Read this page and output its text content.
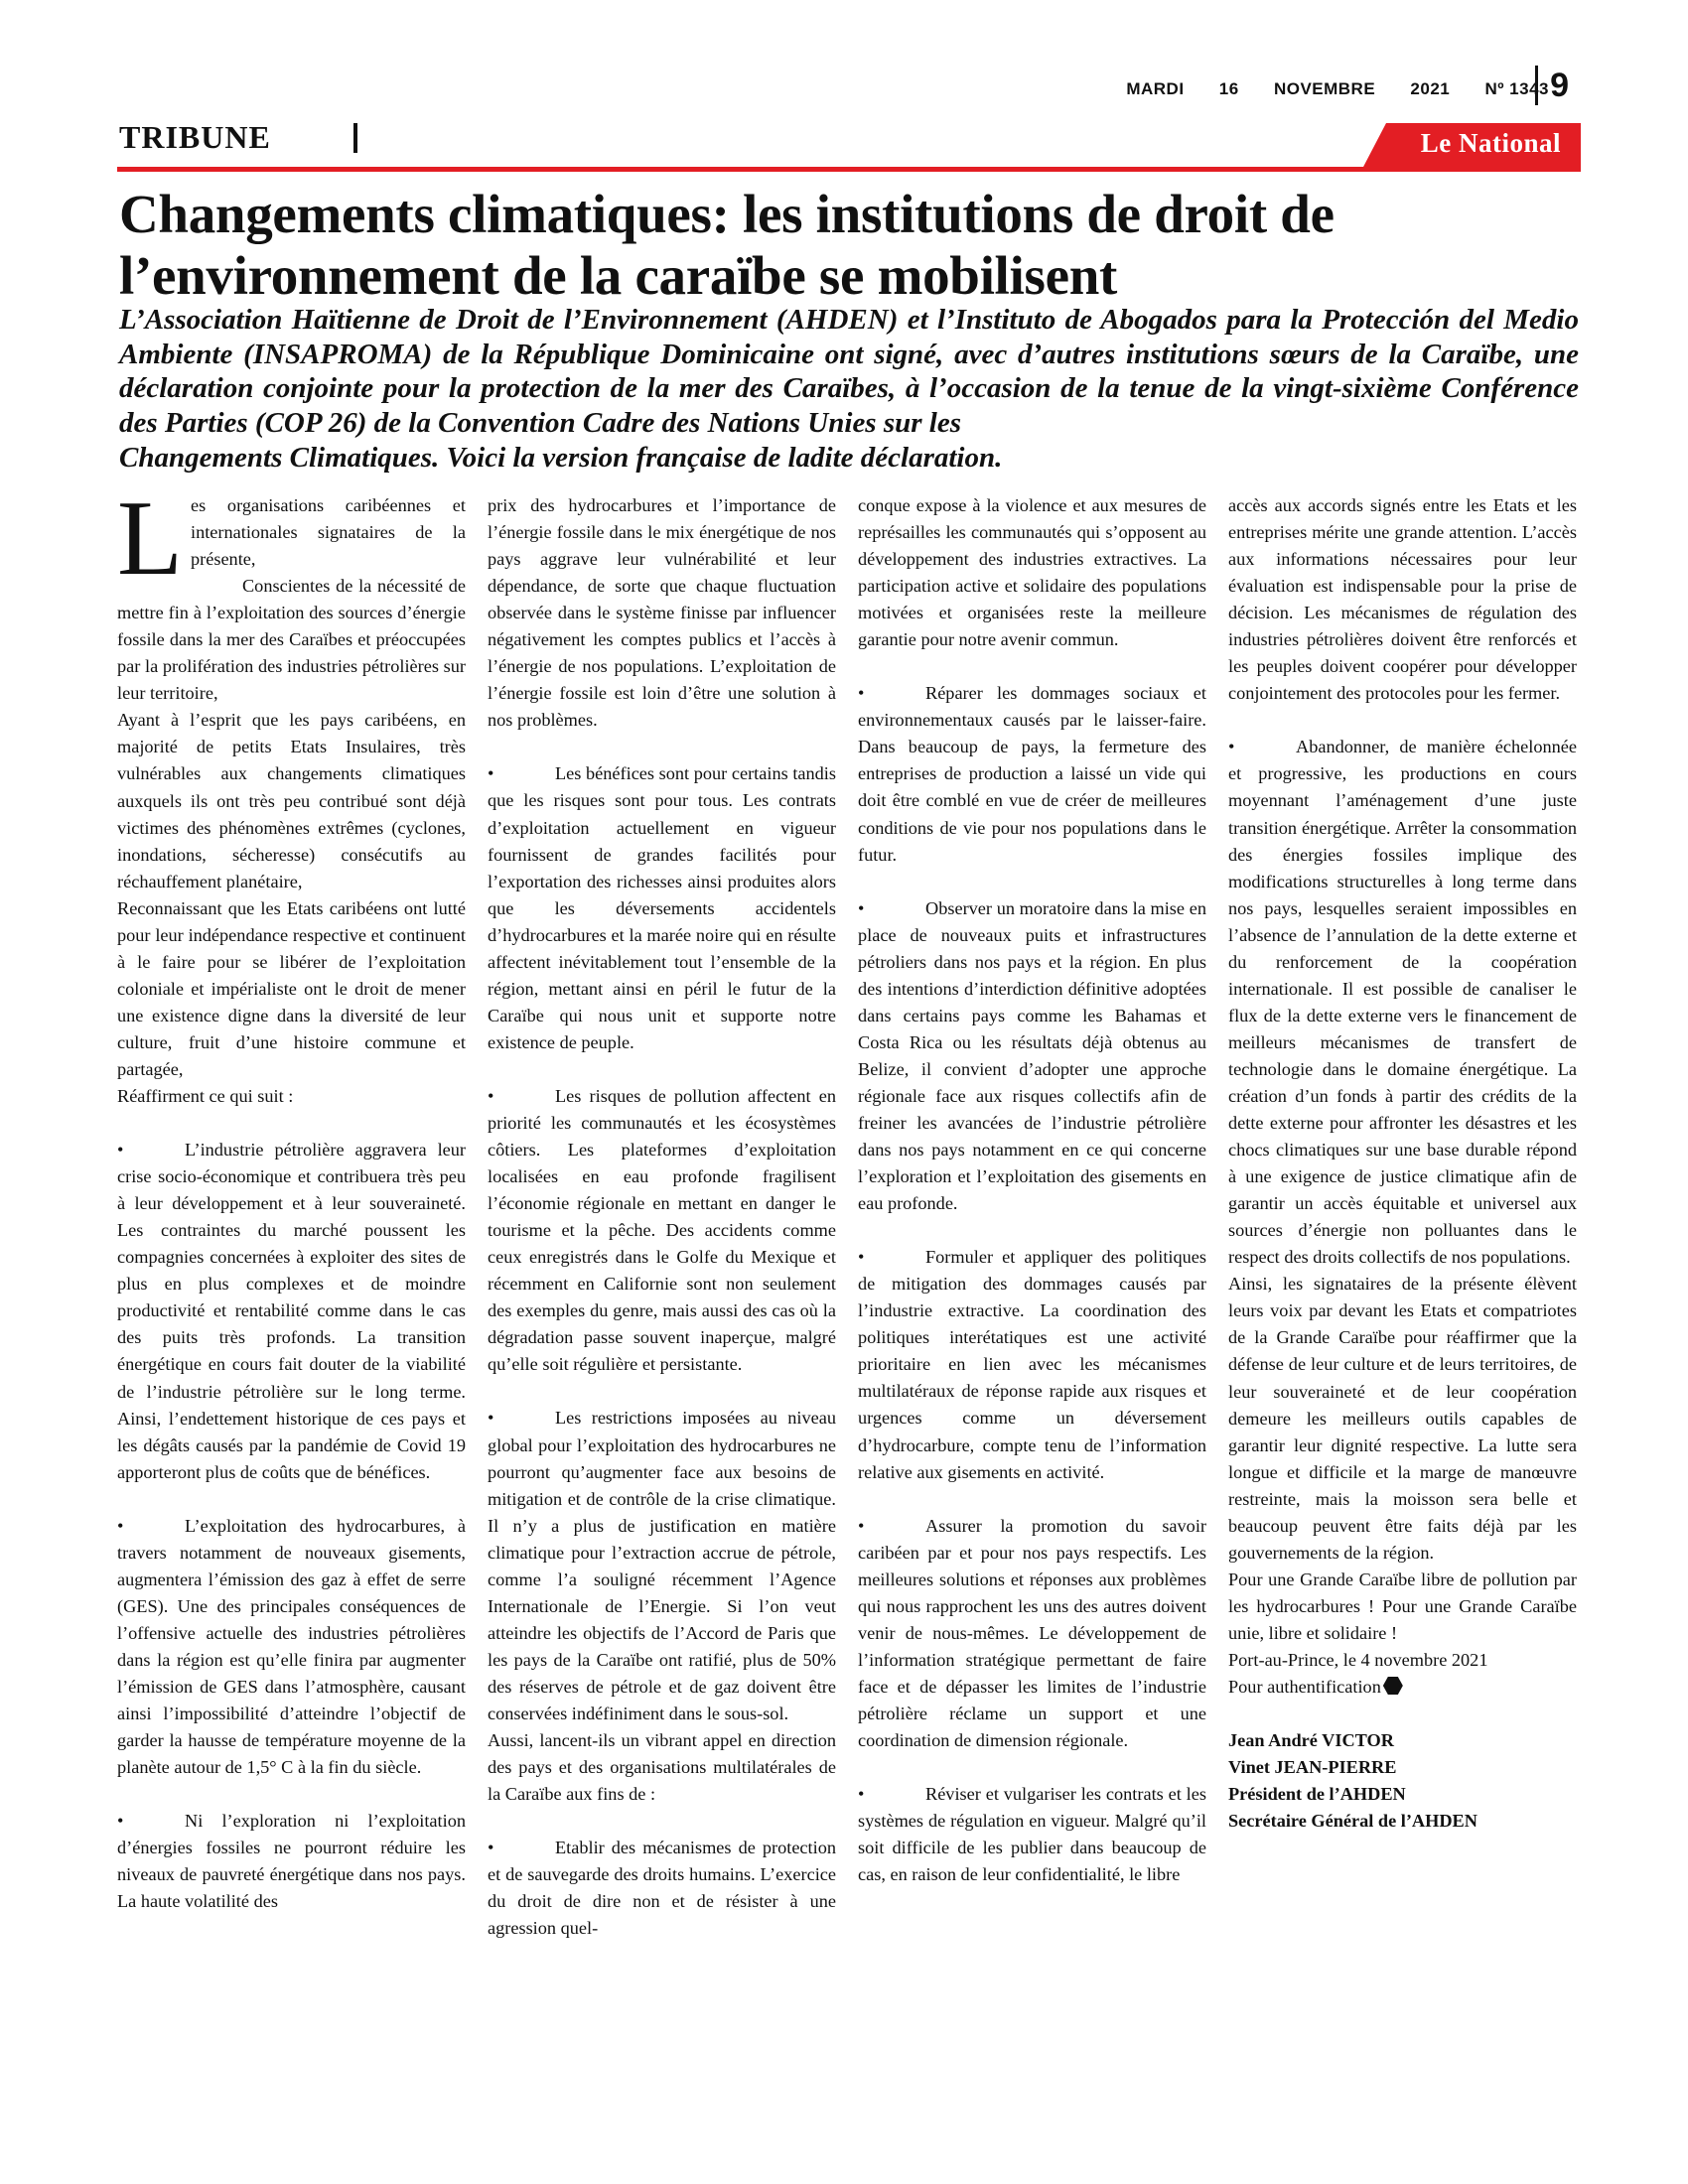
MARDI 16 NOVEMBRE 2021 Nº 1343 9
TRIBUNE	Le National
Changements climatiques: les institutions de droit de l’environnement de la caraïbe se mobilisent
L’Association Haïtienne de Droit de l’Environnement (AHDEN) et l’Instituto de Abogados para la Protección del Medio Ambiente (INSAPROMA) de la République Dominicaine ont signé, avec d’autres institutions sœurs de la Caraïbe, une déclaration conjointe pour la protection de la mer des Caraïbes, à l’occasion de la tenue de la vingt-sixième Conférence des Parties (COP 26) de la Convention Cadre des Nations Unies sur les
Changements Climatiques. Voici la version française de ladite déclaration.

Les organisations caribéennes et internationales signataires de la présente,

Conscientes de la nécessité de mettre fin à l’exploitation des sources d’énergie fossile dans la mer des Caraïbes et préoccupées par la prolifération des industries pétrolières sur leur territoire,

Ayant à l’esprit que les pays caribéens, en majorité de petits Etats Insulaires, très vulnérables aux changements climatiques auxquels ils ont très peu contribué sont déjà victimes des phénomènes extrêmes (cyclones, inondations, sécheresse) consécutifs au réchauffement planétaire,

Reconnaissant que les Etats caribéens ont lutté pour leur indépendance respective et continuent à le faire pour se libérer de l’exploitation coloniale et impérialiste ont le droit de mener une existence digne dans la diversité de leur culture, fruit d’une histoire commune et partagée,

Réaffirment ce qui suit :

•	L’industrie pétrolière aggravera leur crise socio-économique et contribuera très peu à leur développement et à leur souveraineté. Les contraintes du marché poussent les compagnies concernées à exploiter des sites de plus en plus complexes et de moindre productivité et rentabilité comme dans le cas des puits très profonds. La transition énergétique en cours fait douter de la viabilité de l’industrie pétrolière sur le long terme. Ainsi, l’endettement historique de ces pays et les dégâts causés par la pandémie de Covid 19 apporteront plus de coûts que de bénéfices.

•	L’exploitation des hydrocarbures, à travers notamment de nouveaux gisements, augmentera l’émission des gaz à effet de serre (GES). Une des principales conséquences de l’offensive actuelle des industries pétrolières dans la région est qu’elle finira par augmenter l’émission de GES dans l’atmosphère, causant ainsi l’impossibilité d’atteindre l’objectif de garder la hausse de température moyenne de la planète autour de 1,5° C à la fin du siècle.

•	Ni l’exploration ni l’exploitation d’énergies fossiles ne pourront réduire les niveaux de pauvreté énergétique dans nos pays. La haute volatilité des

prix des hydrocarbures et l’importance de l’énergie fossile dans le mix énergétique de nos pays aggrave leur vulnérabilité et leur dépendance, de sorte que chaque fluctuation observée dans le système finisse par influencer négativement les comptes publics et l’accès à l’énergie de nos populations. L’exploitation de l’énergie fossile est loin d’être une solution à nos problèmes.

•	Les bénéfices sont pour certains tandis que les risques sont pour tous. Les contrats d’exploitation actuellement en vigueur fournissent de grandes facilités pour l’exportation des richesses ainsi produites alors que les déversements accidentels d’hydrocarbures et la marée noire qui en résulte affectent inévitablement tout l’ensemble de la région, mettant ainsi en péril le futur de la Caraïbe qui nous unit et supporte notre existence de peuple.

•	Les risques de pollution affectent en priorité les communautés et les écosystèmes côtiers. Les plateformes d’exploitation localisées en eau profonde fragilisent l’économie régionale en mettant en danger le tourisme et la pêche. Des accidents comme ceux enregistrés dans le Golfe du Mexique et récemment en Californie sont non seulement des exemples du genre, mais aussi des cas où la dégradation passe souvent inaperçue, malgré qu’elle soit régulière et persistante.

•	Les restrictions imposées au niveau global pour l’exploitation des hydrocarbures ne pourront qu’augmenter face aux besoins de mitigation et de contrôle de la crise climatique. Il n’y a plus de justification en matière climatique pour l’extraction accrue de pétrole, comme l’a souligné récemment l’Agence Internationale de l’Energie. Si l’on veut atteindre les objectifs de l’Accord de Paris que les pays de la Caraïbe ont ratifié, plus de 50% des réserves de pétrole et de gaz doivent être conservées indéfiniment dans le sous-sol.

Aussi, lancent-ils un vibrant appel en direction des pays et des organisations multilatérales de la Caraïbe aux fins de :

•	Etablir des mécanismes de protection et de sauvegarde des droits humains. L’exercice du droit de dire non et de résister à une agression quel-

conque expose à la violence et aux mesures de représailles les communautés qui s’opposent au développement des industries extractives. La participation active et solidaire des populations motivées et organisées reste la meilleure garantie pour notre avenir commun.

•	Réparer les dommages sociaux et environnementaux causés par le laisser-faire. Dans beaucoup de pays, la fermeture des entreprises de production a laissé un vide qui doit être comblé en vue de créer de meilleures conditions de vie pour nos populations dans le futur.

•	Observer un moratoire dans la mise en place de nouveaux puits et infrastructures pétroliers dans nos pays et la région. En plus des intentions d’interdiction définitive adoptées dans certains pays comme les Bahamas et Costa Rica ou les résultats déjà obtenus au Belize, il convient d’adopter une approche régionale face aux risques collectifs afin de freiner les avancées de l’industrie pétrolière dans nos pays notamment en ce qui concerne l’exploration et l’exploitation des gisements en eau profonde.

•	Formuler et appliquer des politiques de mitigation des dommages causés par l’industrie extractive. La coordination des politiques interétatiques est une activité prioritaire en lien avec les mécanismes multilatéraux de réponse rapide aux risques et urgences comme un déversement d’hydrocarbure, compte tenu de l’information relative aux gisements en activité.

•	Assurer la promotion du savoir caribéen par et pour nos pays respectifs. Les meilleures solutions et réponses aux problèmes qui nous rapprochent les uns des autres doivent venir de nous-mêmes. Le développement de l’information stratégique permettant de faire face et de dépasser les limites de l’industrie pétrolière réclame un support et une coordination de dimension régionale.

•	Réviser et vulgariser les contrats et les systèmes de régulation en vigueur. Malgré qu’il soit difficile de les publier dans beaucoup de cas, en raison de leur confidentialité, le libre

accès aux accords signés entre les Etats et les entreprises mérite une grande attention. L’accès aux informations nécessaires pour leur évaluation est indispensable pour la prise de décision. Les mécanismes de régulation des industries pétrolières doivent être renforcés et les peuples doivent coopérer pour développer conjointement des protocoles pour les fermer.

•	Abandonner, de manière échelonnée et progressive, les productions en cours moyennant l’aménagement d’une juste transition énergétique. Arrêter la consommation des énergies fossiles implique des modifications structurelles à long terme dans nos pays, lesquelles seraient impossibles en l’absence de l’annulation de la dette externe et du renforcement de la coopération internationale. Il est possible de canaliser le flux de la dette externe vers le financement de meilleurs mécanismes de transfert de technologie dans le domaine énergétique. La création d’un fonds à partir des crédits de la dette externe pour affronter les désastres et les chocs climatiques sur une base durable répond à une exigence de justice climatique afin de garantir un accès équitable et universel aux sources d’énergie non polluantes dans le respect des droits collectifs de nos populations.

Ainsi, les signataires de la présente élèvent leurs voix par devant les Etats et compatriotes de la Grande Caraïbe pour réaffirmer que la défense de leur culture et de leurs territoires, de leur souveraineté et de leur coopération demeure les meilleurs outils capables de garantir leur dignité respective. La lutte sera longue et difficile et la marge de manœuvre restreinte, mais la moisson sera belle et beaucoup peuvent être faits déjà par les gouvernements de la région.

Pour une Grande Caraïbe libre de pollution par les hydrocarbures ! Pour une Grande Caraïbe unie, libre et solidaire !

Port-au-Prince, le 4 novembre 2021

Pour authentification

Jean André VICTOR

Vinet JEAN-PIERRE

Président de l’AHDEN

Secrétaire Général de l’AHDEN
